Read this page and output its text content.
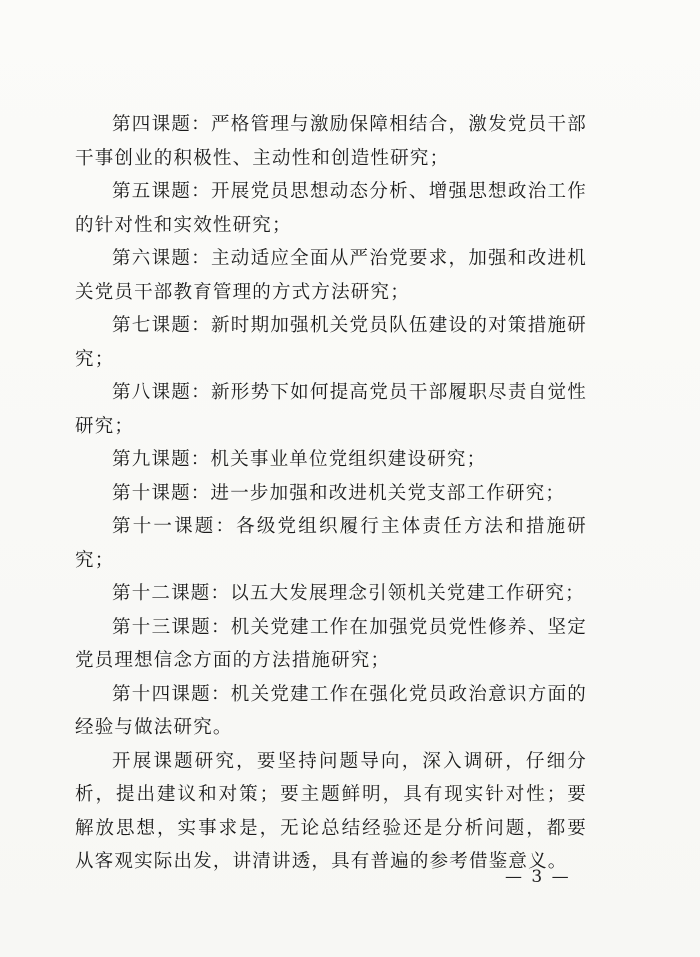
第四课题：严格管理与激励保障相结合，激发党员干部干事创业的积极性、主动性和创造性研究；

第五课题：开展党员思想动态分析、增强思想政治工作的针对性和实效性研究；

第六课题：主动适应全面从严治党要求，加强和改进机关党员干部教育管理的方式方法研究；

第七课题：新时期加强机关党员队伍建设的对策措施研究；

第八课题：新形势下如何提高党员干部履职尽责自觉性研究；

第九课题：机关事业单位党组织建设研究；

第十课题：进一步加强和改进机关党支部工作研究；

第十一课题：各级党组织履行主体责任方法和措施研究；

第十二课题：以五大发展理念引领机关党建工作研究；

第十三课题：机关党建工作在加强党员党性修养、坚定党员理想信念方面的方法措施研究；

第十四课题：机关党建工作在强化党员政治意识方面的经验与做法研究。

开展课题研究，要坚持问题导向，深入调研，仔细分析，提出建议和对策；要主题鲜明，具有现实针对性；要解放思想，实事求是，无论总结经验还是分析问题，都要从客观实际出发，讲清讲透，具有普遍的参考借鉴意义。

— 3 —
